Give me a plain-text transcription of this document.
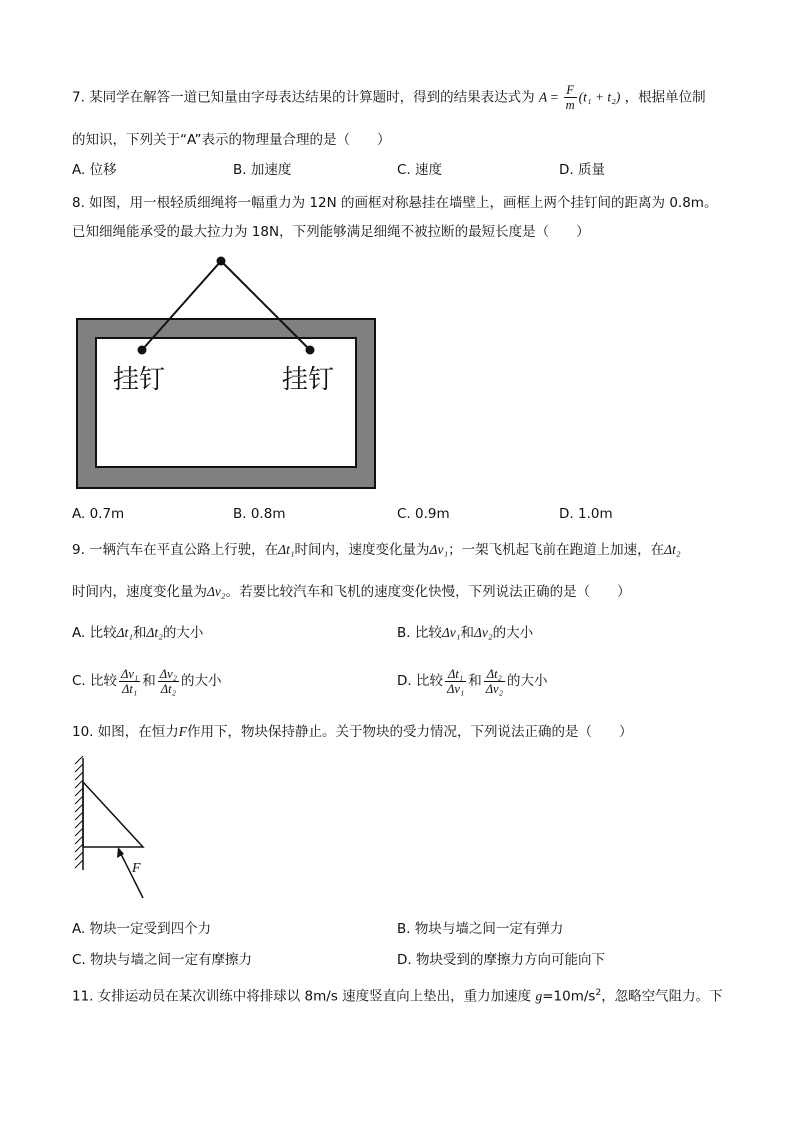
7. 某同学在解答一道已知量由字母表达结果的计算题时，得到的结果表达式为 $A = \frac{F}{m} (t_1 + t_2)$ ，根据单位制
的知识，下列关于“A”表示的物理量合理的是（　　）
A. 位移	B. 加速度	C. 速度	D. 质量
8. 如图，用一根轻质细绳将一幅重力为 12N 的画框对称悬挂在墙壁上，画框上两个挂钉间的距离为 0.8m。
已知细绳能承受的最大拉力为 18N，下列能够满足细绳不被拉断的最短长度是（　　）
挂钉	挂钉
A. 0.7m	B. 0.8m	C. 0.9m	D. 1.0m
9. 一辆汽车在平直公路上行驶，在Δt₁时间内，速度变化量为Δv₁；一架飞机起飞前在跑道上加速，在Δt₂
时间内，速度变化量为Δv₂。若要比较汽车和飞机的速度变化快慢，下列说法正确的是（　　）
A. 比较Δt₁和Δt₂的大小	B. 比较Δv₁和Δv₂的大小
C. 比较 $\frac{\text{Δv₁}}{\text{Δt₁}}$ 和 $\frac{\text{Δv₂}}{\text{Δt₂}}$ 的大小	D. 比较 $\frac{\text{Δt₁}}{\text{Δv₁}}$ 和 $\frac{\text{Δt₂}}{\text{Δv₂}}$ 的大小
10. 如图，在恒力F作用下，物块保持静止。关于物块的受力情况，下列说法正确的是（　　）
F
A. 物块一定受到四个力	B. 物块与墙之间一定有弹力
C. 物块与墙之间一定有摩擦力	D. 物块受到的摩擦力方向可能向下
11. 女排运动员在某次训练中将排球以 8m/s 速度竖直向上垫出，重力加速度 $g=10m/s^2$，忽略空气阻力。下
